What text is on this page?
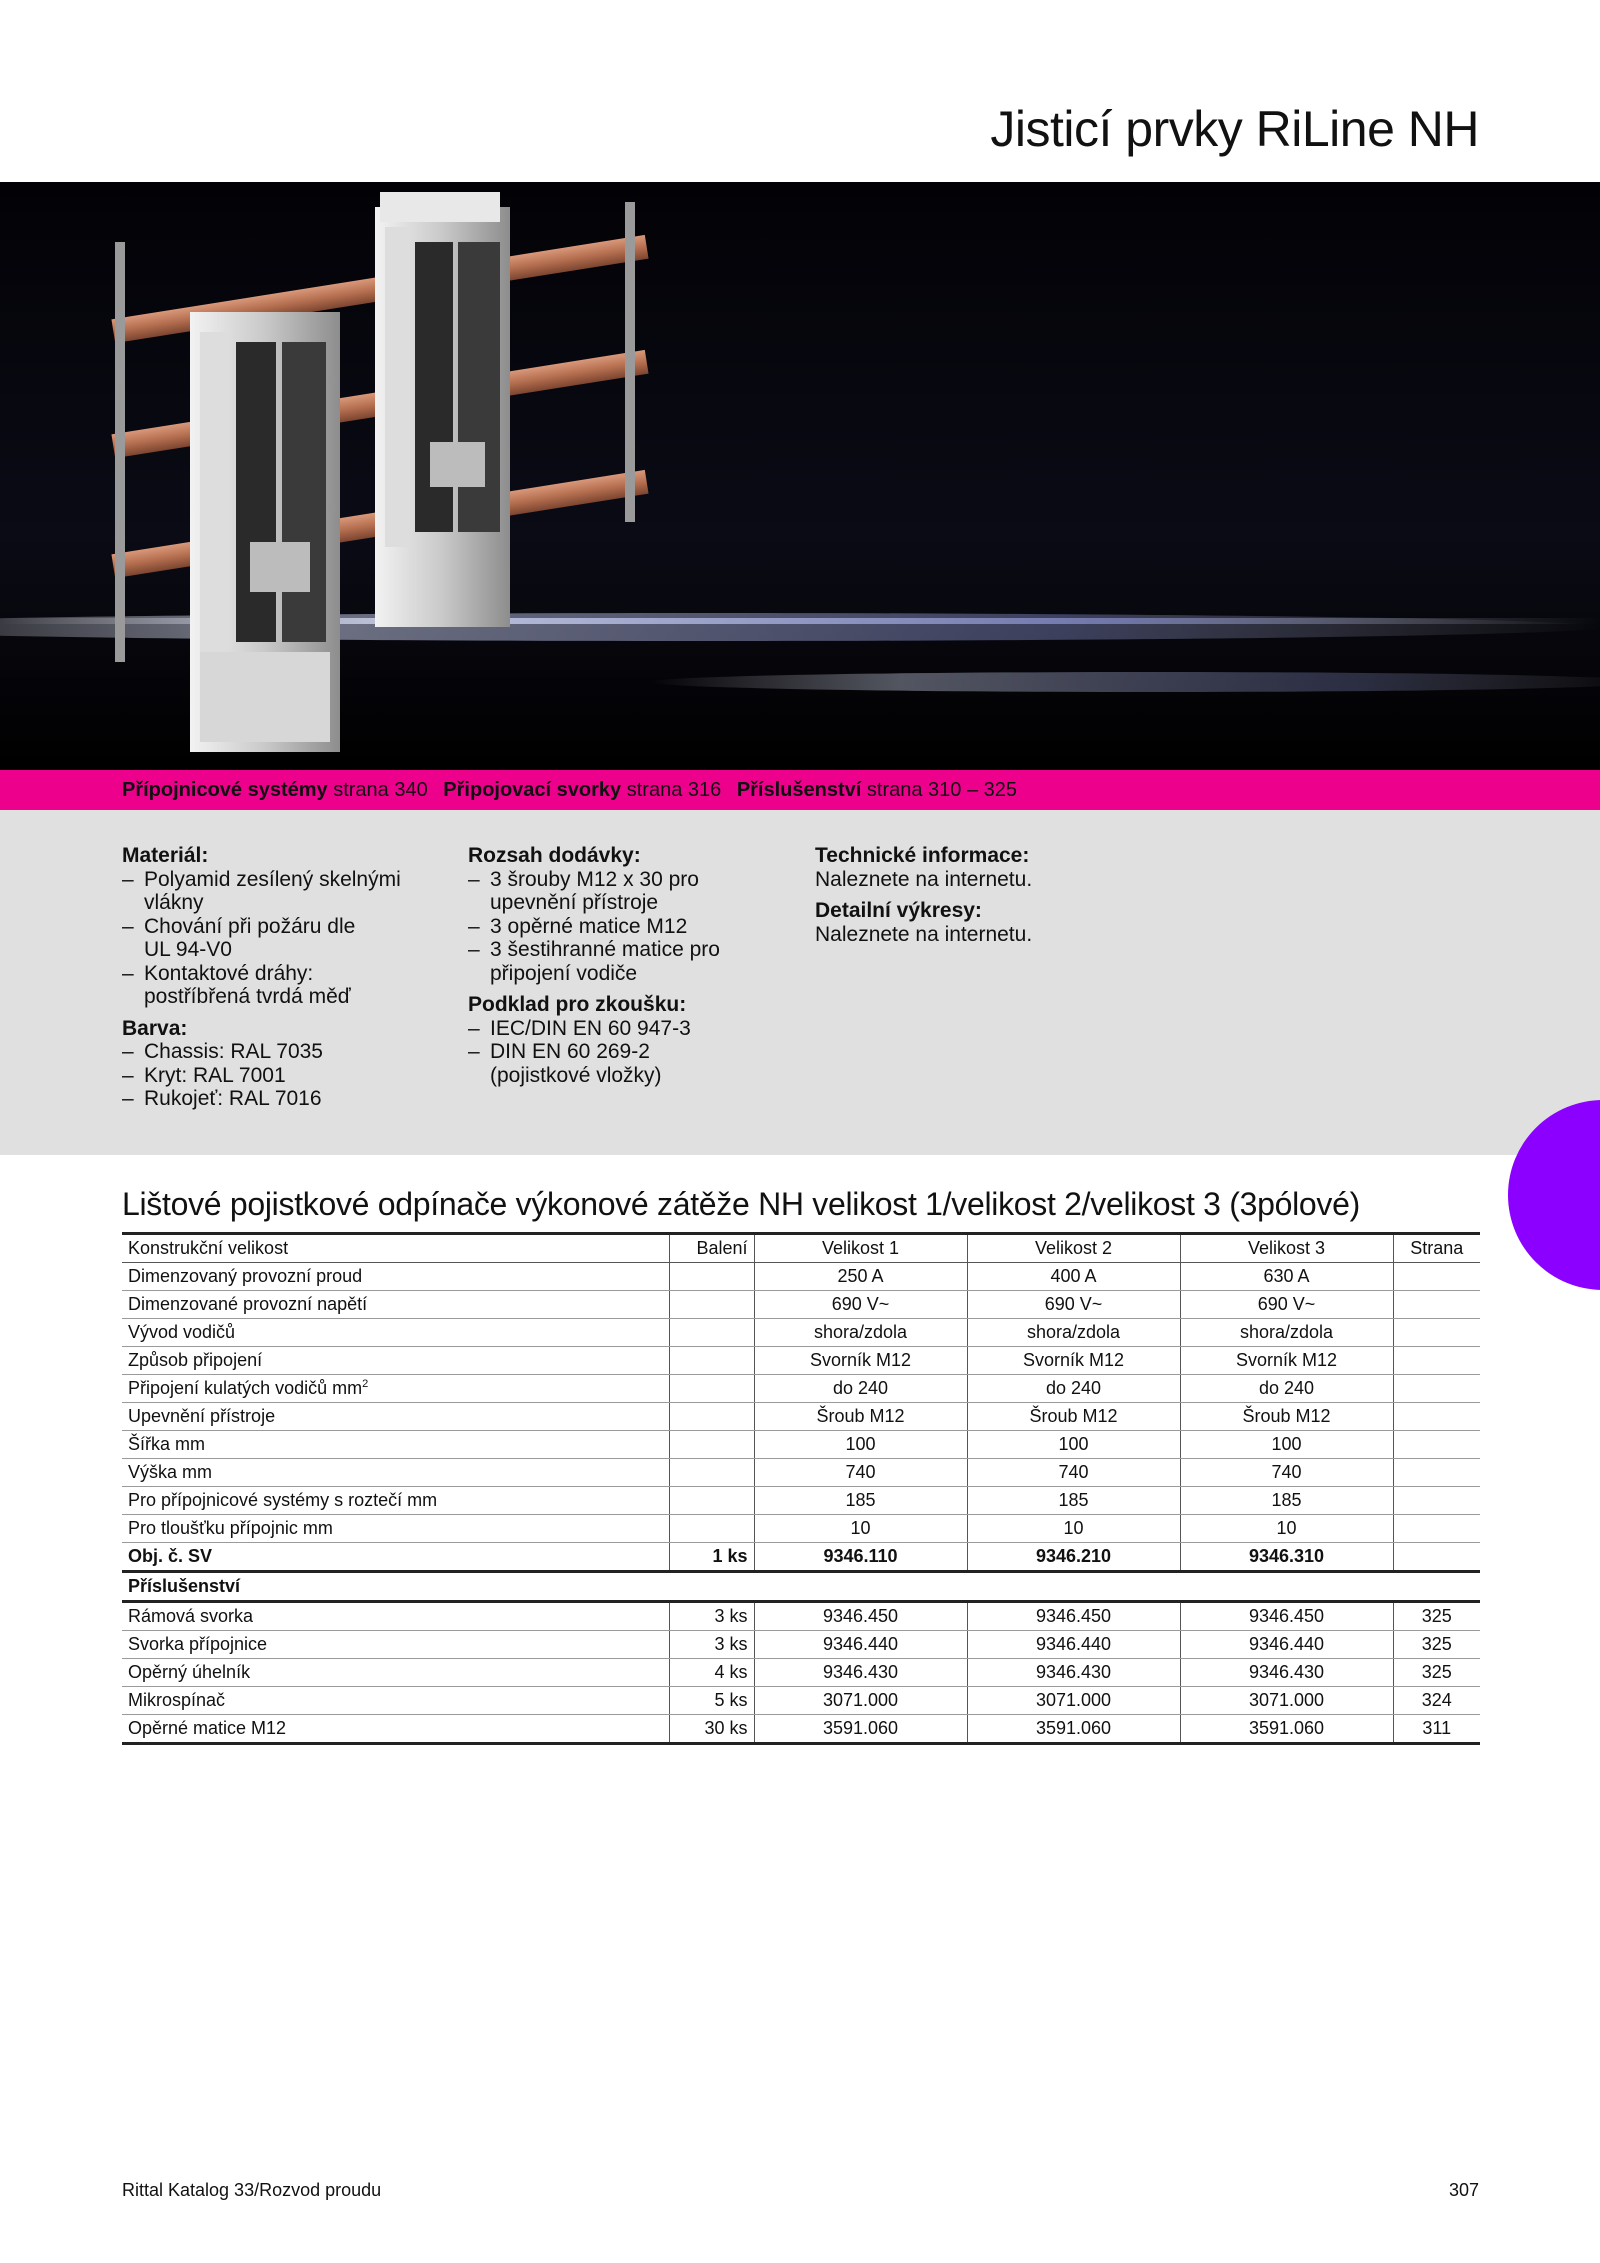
Jisticí prvky RiLine NH
Přípojnicové systémy strana 340 Připojovací svorky strana 316 Příslušenství strana 310 – 325
Materiál:
– Polyamid zesílený skelnými
vlákny
– Chování při požáru dle
UL 94-V0
– Kontaktové dráhy:
postříbřená tvrdá měď
Barva:
– Chassis: RAL 7035
– Kryt: RAL 7001
– Rukojeť: RAL 7016
Rozsah dodávky:
– 3 šrouby M12 x 30 pro
upevnění přístroje
– 3 opěrné matice M12
– 3 šestihranné matice pro
připojení vodiče
Podklad pro zkoušku:
– IEC/DIN EN 60 947-3
– DIN EN 60 269-2
(pojistkové vložky)
Technické informace:

Naleznete na internetu.

Detailní výkresy:

Naleznete na internetu.

Lištové pojistkové odpínače výkonové zátěže NH velikost 1/velikost 2/velikost 3 (3pólové)
Konstrukční velikost	Balení	Velikost 1	Velikost 2	Velikost 3	Strana
Dimenzovaný provozní proud		250 A	400 A	630 A	
Dimenzované provozní napětí		690 V~	690 V~	690 V~	
Vývod vodičů		shora/zdola	shora/zdola	shora/zdola	
Způsob připojení		Svorník M12	Svorník M12	Svorník M12	
Připojení kulatých vodičů $mm^2$		do 240	do 240	do 240	
Upevnění přístroje		Šroub M12	Šroub M12	Šroub M12	
Šířka mm		100	100	100	
Výška mm		740	740	740	
Pro přípojnicové systémy s roztečí mm		185	185	185	
Pro tloušťku přípojnic mm		10	10	10	
Obj. č. SV	1 ks	9346.110	9346.210	9346.310	
Příslušenství					
Rámová svorka	3 ks	9346.450	9346.450	9346.450	325
Svorka přípojnice	3 ks	9346.440	9346.440	9346.440	325
Opěrný úhelník	4 ks	9346.430	9346.430	9346.430	325
Mikrospínač	5 ks	3071.000	3071.000	3071.000	324
Opěrné matice M12	30 ks	3591.060	3591.060	3591.060	311
Rittal Katalog 33/Rozvod proudu	307
